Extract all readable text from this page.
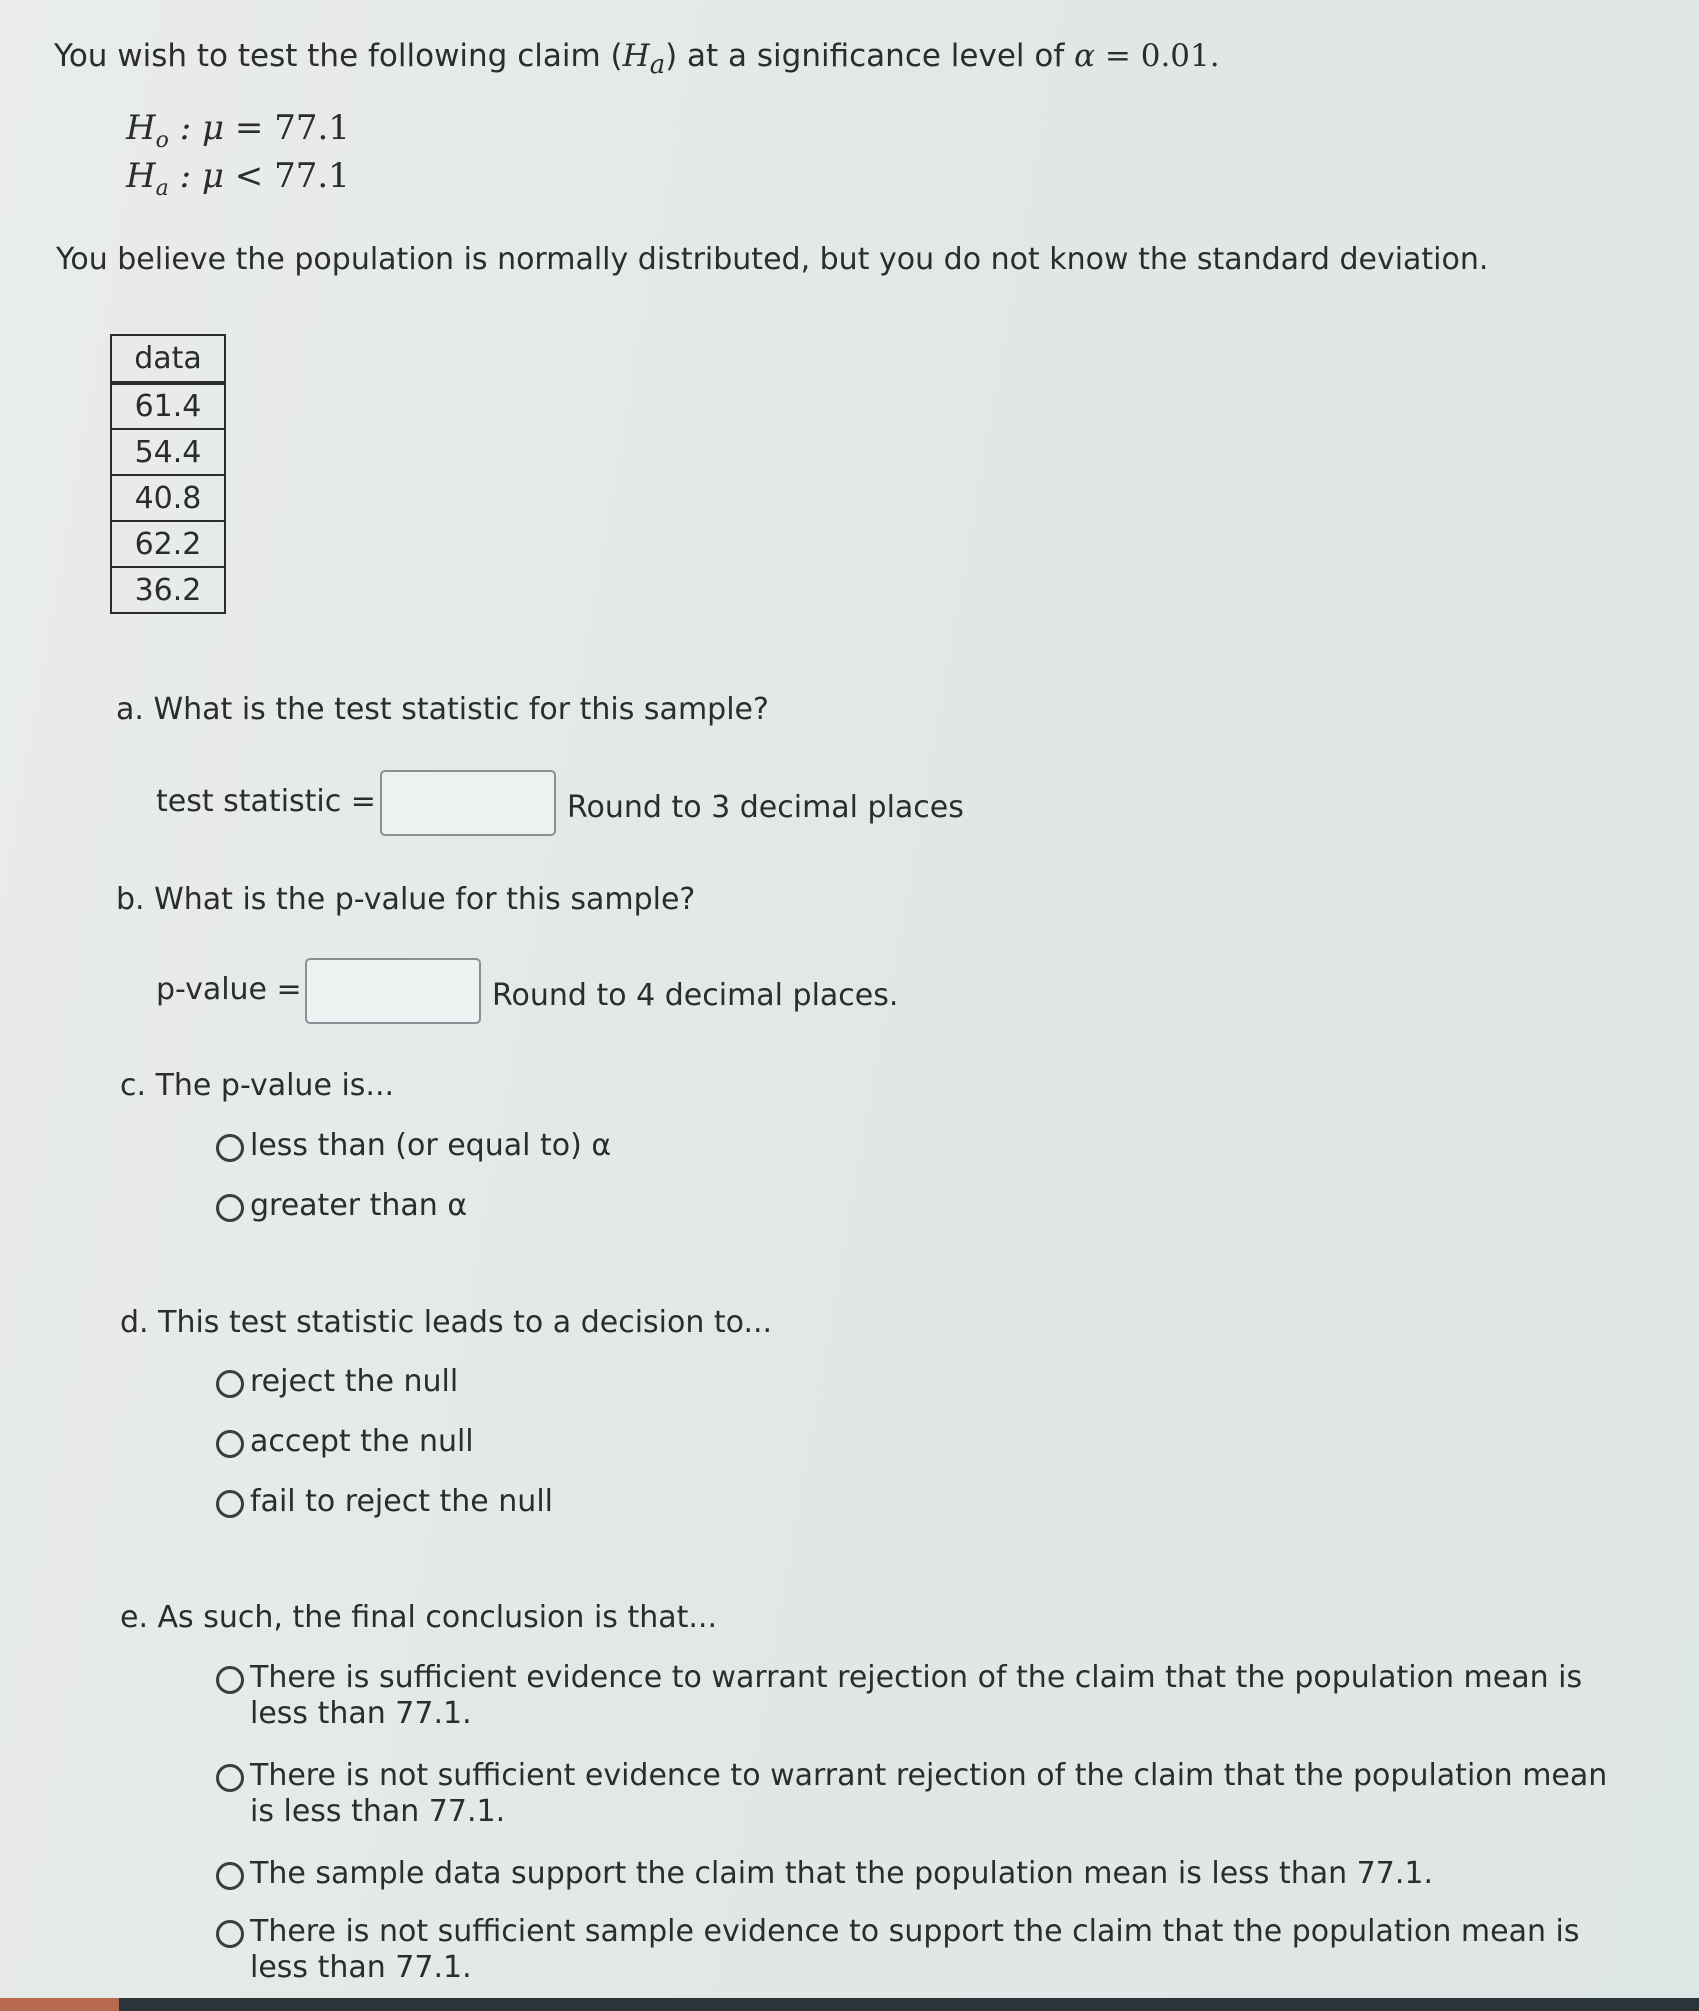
You wish to test the following claim $(H_a)$ at a significance level of α = 0.01.
$H_o$ : μ = 77.1
$H_a$ : μ < 77.1
You believe the population is normally distributed, but you do not know the standard deviation.
data
61.4
54.4
40.8
62.2
36.2
a. What is the test statistic for this sample?
test statistic =	Round to 3 decimal places
b. What is the p-value for this sample?
p-value =	Round to 4 decimal places.
c. The p-value is...
less than (or equal to) α
greater than α
d. This test statistic leads to a decision to...
reject the null
accept the null
fail to reject the null
e. As such, the final conclusion is that...
There is sufficient evidence to warrant rejection of the claim that the population mean is less than 77.1.
There is not sufficient evidence to warrant rejection of the claim that the population mean is less than 77.1.
The sample data support the claim that the population mean is less than 77.1.
There is not sufficient sample evidence to support the claim that the population mean is less than 77.1.
